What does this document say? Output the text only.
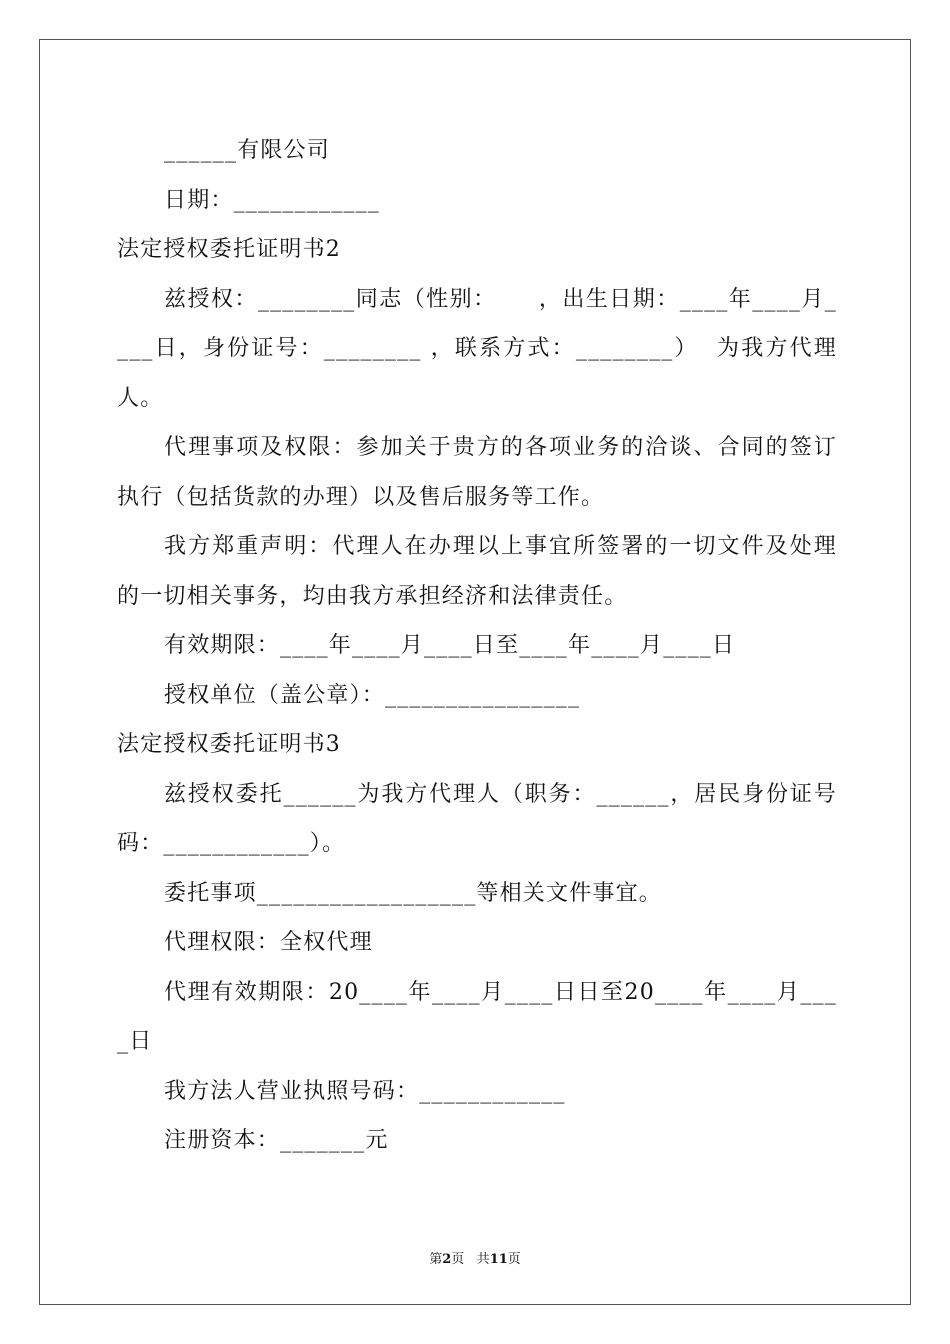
______有限公司
日期：____________
法定授权委托证明书2
兹授权：________同志（性别：     ，出生日期：____年____月_
___日，身份证号：________ ，联系方式：________）  为我方代理
人。
代理事项及权限：参加关于贵方的各项业务的洽谈、合同的签订
执行（包括货款的办理）以及售后服务等工作。
我方郑重声明：代理人在办理以上事宜所签署的一切文件及处理
的一切相关事务，均由我方承担经济和法律责任。
有效期限：____年____月____日至____年____月____日
授权单位（盖公章）：________________
法定授权委托证明书3
兹授权委托______为我方代理人（职务：______，居民身份证号
码：____________）。
委托事项__________________等相关文件事宜。
代理权限：全权代理
代理有效期限：20____年____月____日日至20____年____月___
_日
我方法人营业执照号码：____________
注册资本：_______元
第2页 共11页
